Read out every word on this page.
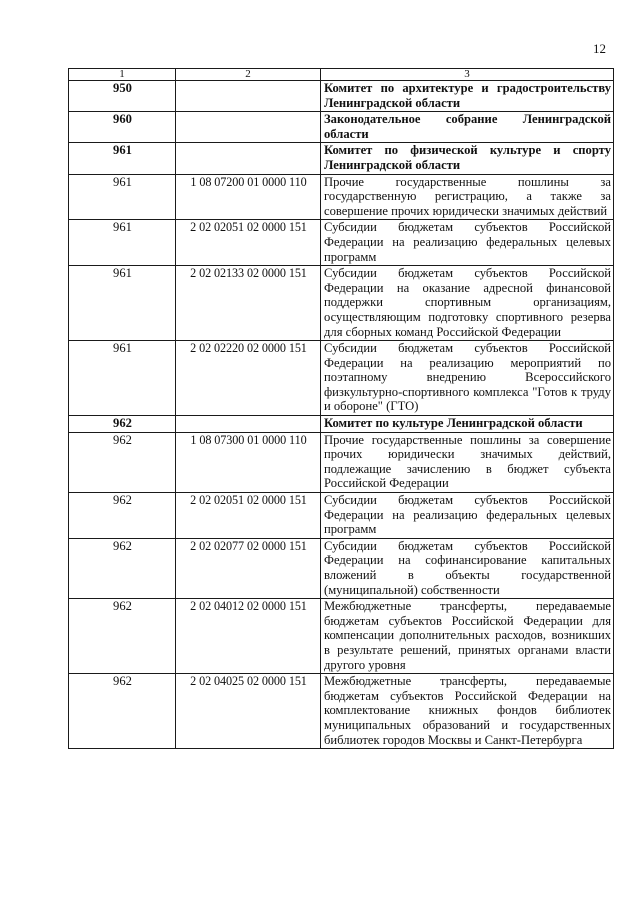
12
1	2	3
950		Комитет по архитектуре и градостроительству Ленинградской области
960		Законодательное собрание Ленинградской области
961		Комитет по физической культуре и спорту Ленинградской области
961	1 08 07200 01 0000 110	Прочие государственные пошлины за государственную регистрацию, а также за совершение прочих юридически значимых действий
961	2 02 02051 02 0000 151	Субсидии бюджетам субъектов Российской Федерации на реализацию федеральных целевых программ
961	2 02 02133 02 0000 151	Субсидии бюджетам субъектов Российской Федерации на оказание адресной финансовой поддержки спортивным организациям, осуществляющим подготовку спортивного резерва для сборных команд Российской Федерации
961	2 02 02220 02 0000 151	Субсидии бюджетам субъектов Российской Федерации на реализацию мероприятий по поэтапному внедрению Всероссийского физкультурно-спортивного комплекса "Готов к труду и обороне" (ГТО)
962		Комитет по культуре Ленинградской области
962	1 08 07300 01 0000 110	Прочие государственные пошлины за совершение прочих юридически значимых действий, подлежащие зачислению в бюджет субъекта Российской Федерации
962	2 02 02051 02 0000 151	Субсидии бюджетам субъектов Российской Федерации на реализацию федеральных целевых программ
962	2 02 02077 02 0000 151	Субсидии бюджетам субъектов Российской Федерации на софинансирование капитальных вложений в объекты государственной (муниципальной) собственности
962	2 02 04012 02 0000 151	Межбюджетные трансферты, передаваемые бюджетам субъектов Российской Федерации для компенсации дополнительных расходов, возникших в результате решений, принятых органами власти другого уровня
962	2 02 04025 02 0000 151	Межбюджетные трансферты, передаваемые бюджетам субъектов Российской Федерации на комплектование книжных фондов библиотек муниципальных образований и государственных библиотек городов Москвы и Санкт-Петербурга
